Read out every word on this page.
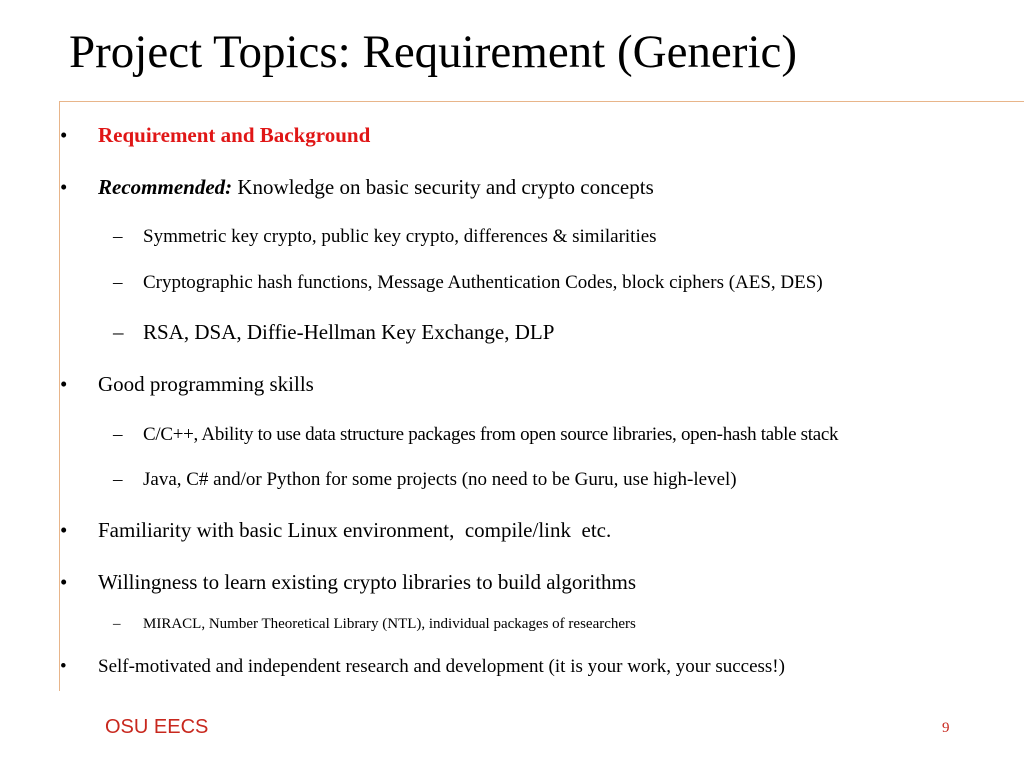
Project Topics: Requirement (Generic)
•	Requirement and Background
•	Recommended: Knowledge on basic security and crypto concepts
–	Symmetric key crypto, public key crypto, differences & similarities
–	Cryptographic hash functions, Message Authentication Codes, block ciphers (AES, DES)
– RSA, DSA, Diffie-Hellman Key Exchange, DLP
•	Good programming skills
–	C/C++, Ability to use data structure packages from open source libraries, open-hash table stack
–	Java, C# and/or Python for some projects (no need to be Guru, use high-level)
•	Familiarity with basic Linux environment,  compile/link  etc.
•	Willingness to learn existing crypto libraries to build algorithms
–	MIRACL, Number Theoretical Library (NTL), individual packages of researchers
•	Self-motivated and independent research and development (it is your work, your success!)
OSU EECS	9
